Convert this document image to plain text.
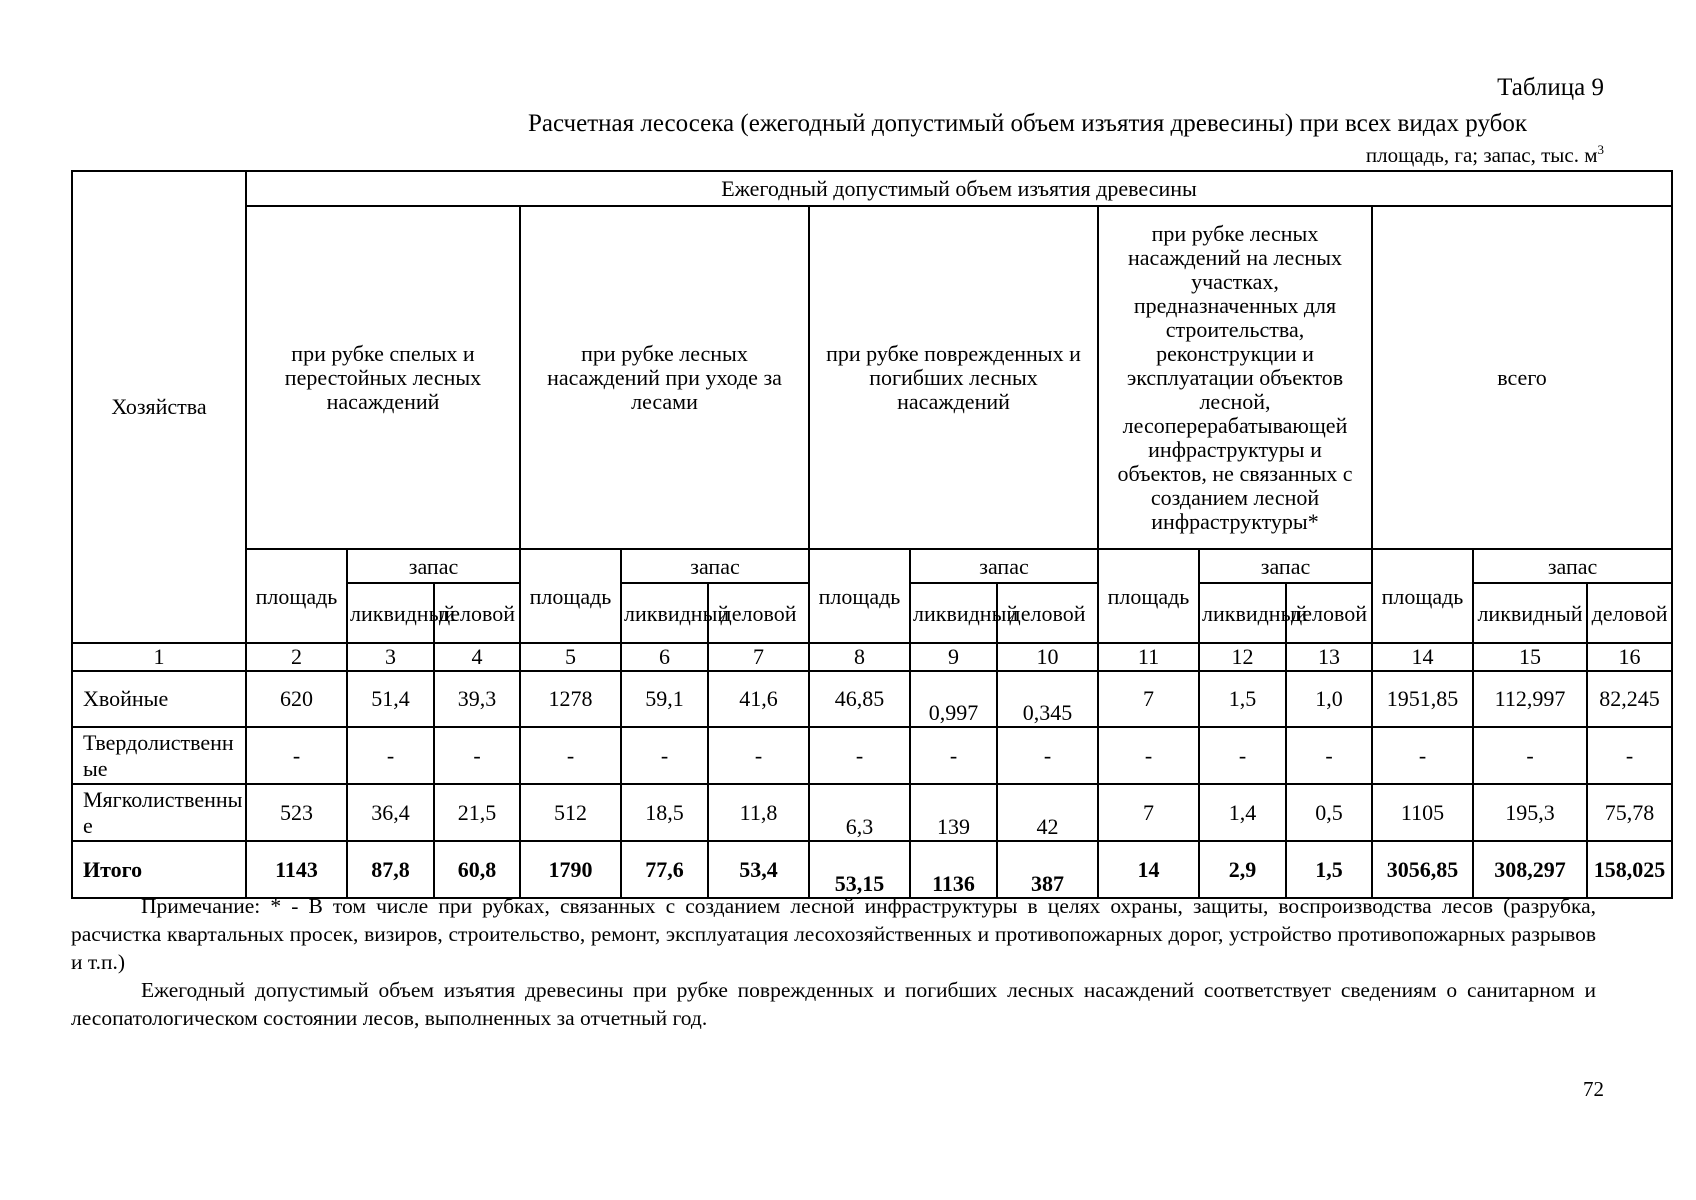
Таблица 9
Расчетная лесосека (ежегодный допустимый объем изъятия древесины) при всех видах рубок
площадь, га; запас, тыс. $м^3$
Хозяйства	Ежегодный допустимый объем изъятия древесины														
	при рубке спелых и перестойных лесных насаждений			при рубке лесных насаждений при уходе за лесами			при рубке поврежденных и погибших лесных насаждений			при рубке лесных насаждений на лесных участках, предназначенных для строительства, реконструкции и эксплуатации объектов лесной, лесоперерабатывающей инфраструктуры и объектов, не связанных с созданием лесной инфраструктуры*			всего		
	площадь	запас		площадь	запас		площадь	запас		площадь	запас		площадь	запас	
		ликвидный	деловой		ликвидный	деловой		ликвидный	деловой		ликвидный	деловой		ликвидный	деловой
1	2	3	4	5	6	7	8	9	10	11	12	13	14	15	16
Хвойные	620	51,4	39,3	1278	59,1	41,6	46,85	0,997	0,345	7	1,5	1,0	1951,85	112,997	82,245
Твердолиственные	-	-	-	-	-	-	-	-	-	-	-	-	-	-	-
Мягколиственные	523	36,4	21,5	512	18,5	11,8	6,3	139	42	7	1,4	0,5	1105	195,3	75,78
Итого	1143	87,8	60,8	1790	77,6	53,4	53,15	1136	387	14	2,9	1,5	3056,85	308,297	158,025

Примечание: * - В том числе при рубках, связанных с созданием лесной инфраструктуры в целях охраны, защиты, воспроизводства лесов (разрубка, расчистка квартальных просек, визиров, строительство, ремонт, эксплуатация лесохозяйственных и противопожарных дорог, устройство противопожарных разрывов и т.п.)

Ежегодный допустимый объем изъятия древесины при рубке поврежденных и погибших лесных насаждений соответствует сведениям о санитарном и лесопатологическом состоянии лесов, выполненных за отчетный год.

72
